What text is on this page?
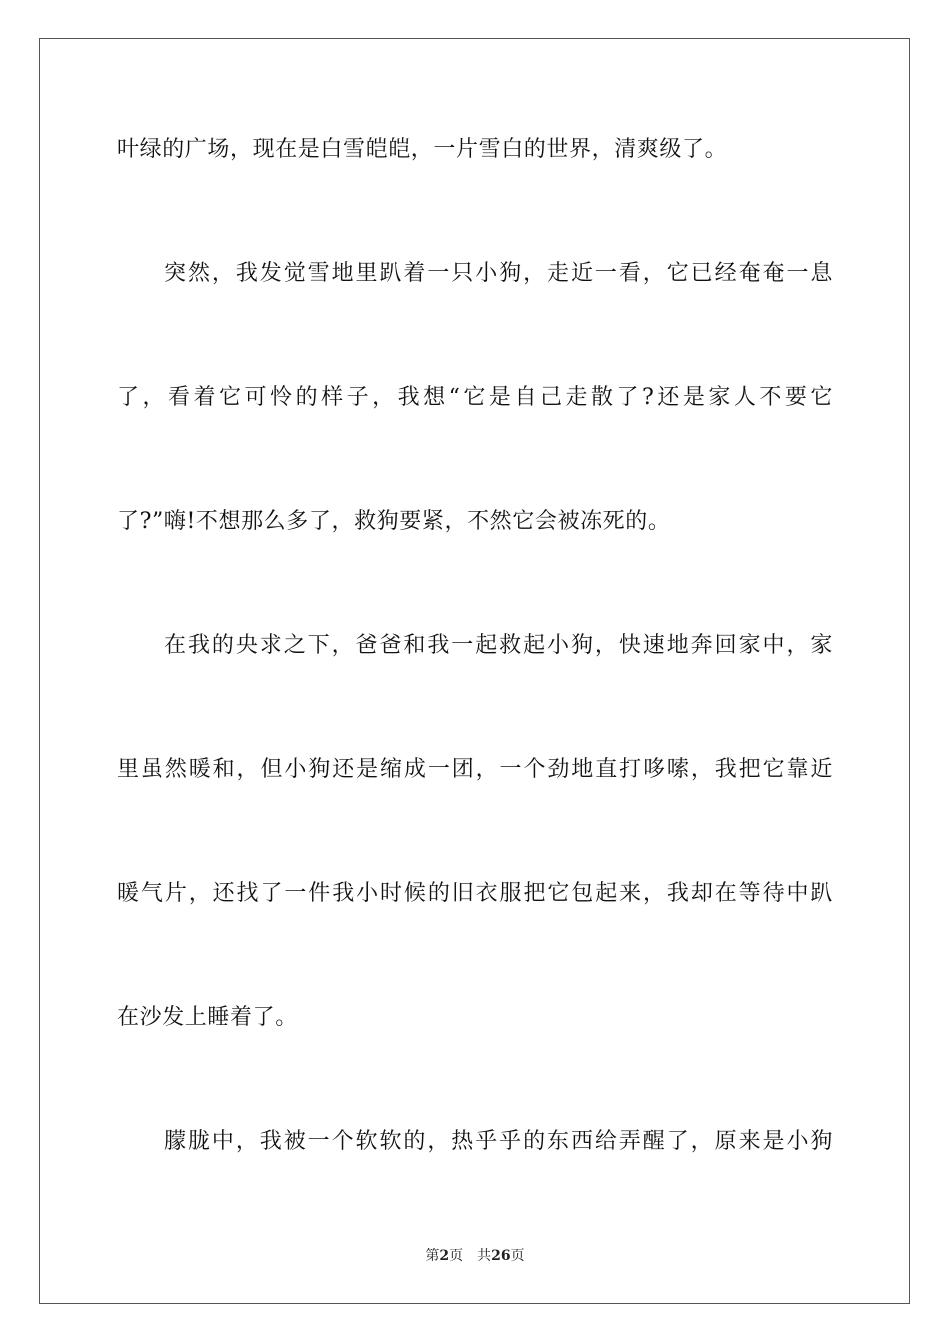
叶绿的广场，现在是白雪皑皑，一片雪白的世界，清爽级了。
突然，我发觉雪地里趴着一只小狗，走近一看，它已经奄奄一息
了，看着它可怜的样子，我想“它是自己走散了?还是家人不要它
了?”嗨!不想那么多了，救狗要紧，不然它会被冻死的。
在我的央求之下，爸爸和我一起救起小狗，快速地奔回家中，家
里虽然暖和，但小狗还是缩成一团，一个劲地直打哆嗦，我把它靠近
暖气片，还找了一件我小时候的旧衣服把它包起来，我却在等待中趴
在沙发上睡着了。
朦胧中，我被一个软软的，热乎乎的东西给弄醒了，原来是小狗
第2页 共26页
